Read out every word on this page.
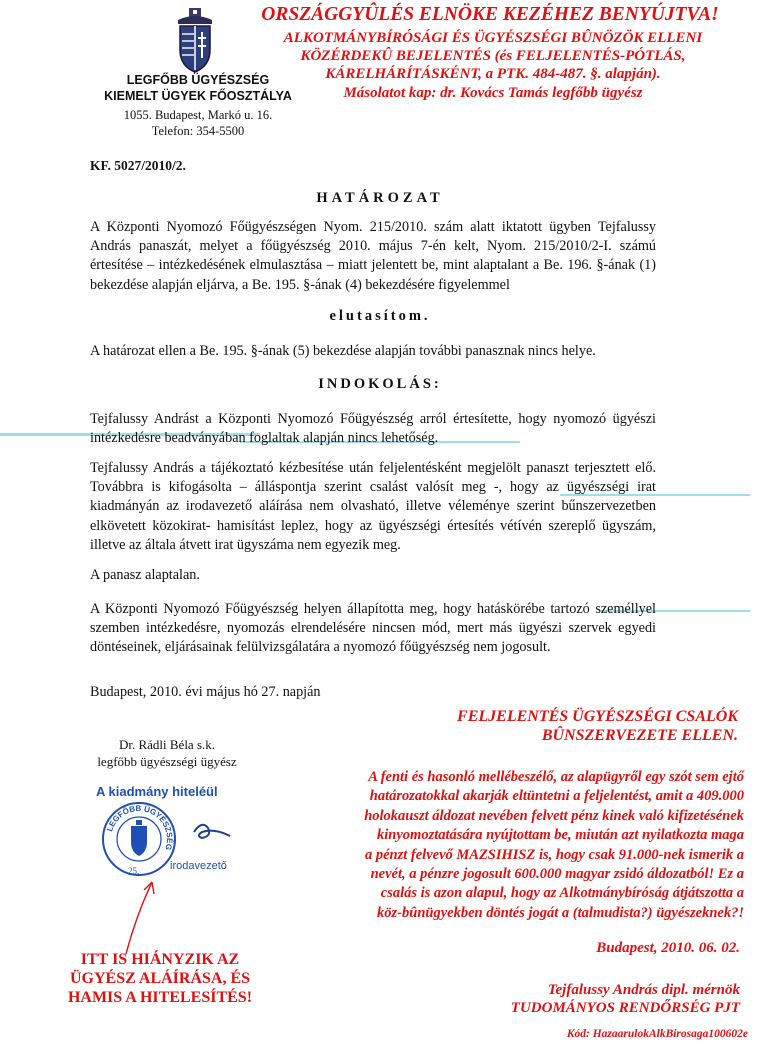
ORSZÁGGYÛLÉS ELNÖKE KEZÉHEZ BENYÚJTVA!
ALKOTMÁNYBÍRÓSÁGI ÉS ÜGYÉSZSÉGI BÛNÖZÖK ELLENI
KÖZÉRDEKÛ BEJELENTÉS (és FELJELENTÉS-PÓTLÁS,
KÁRELHÁRÍTÁSKÉNT, a PTK. 484-487. §. alapján).
Másolatot kap: dr. Kovács Tamás legfőbb ügyész
LEGFŐBB ÜGYÉSZSÉG
KIEMELT ÜGYEK FŐOSZTÁLYA
1055. Budapest, Markó u. 16.
Telefon: 354-5500
KF. 5027/2010/2.
HATÁROZAT
A Központi Nyomozó Főügyészségen Nyom. 215/2010. szám alatt iktatott ügyben Tejfalussy András panaszát, melyet a főügyészség 2010. május 7-én kelt, Nyom. 215/2010/2-I. számú értesítése – intézkedésének elmulasztása – miatt jelentett be, mint alaptalant a Be. 196. §-ának (1) bekezdése alapján eljárva, a Be. 195. §-ának (4) bekezdésére figyelemmel
elutasítom.
A határozat ellen a Be. 195. §-ának (5) bekezdése alapján további panasznak nincs helye.
INDOKOLÁS:
Tejfalussy Andrást a Központi Nyomozó Főügyészség arról értesítette, hogy nyomozó ügyészi intézkedésre beadványában foglaltak alapján nincs lehetőség.
Tejfalussy András a tájékoztató kézbesítése után feljelentésként megjelölt panaszt terjesztett elő. Továbbra is kifogásolta – álláspontja szerint csalást valósít meg -, hogy az ügyészségi irat kiadmányán az irodavezető aláírása nem olvasható, illetve véleménye szerint bűnszervezetben elkövetett közokirat- hamisítást leplez, hogy az ügyészségi értesítés vétívén szereplő ügyszám, illetve az általa átvett irat ügyszáma nem egyezik meg.
A panasz alaptalan.
A Központi Nyomozó Főügyészség helyen állapította meg, hogy hatáskörébe tartozó személlyel szemben intézkedésre, nyomozás elrendelésére nincsen mód, mert más ügyészi szervek egyedi döntéseinek, eljárásainak felülvizsgálatára a nyomozó főügyészség nem jogosult.
Budapest, 2010. évi május hó 27. napján
Dr. Rádli Béla s.k.
legfőbb ügyészségi ügyész
A kiadmány hiteléül
LEGFŐBB ÜGYÉSZSÉG
25.	irodavezető
FELJELENTÉS ÜGYÉSZSÉGI CSALÓK
BÛNSZERVEZETE ELLEN.
A fenti és hasonló mellébeszélő, az alapügyről egy szót sem ejtő
határozatokkal akarják eltüntetni a feljelentést, amit a 409.000
holokauszt áldozat nevében felvett pénz kinek való kifizetésének
kinyomoztatására nyújtottam be, miután azt nyilatkozta maga
a pénzt felvevő MAZSIHISZ is, hogy csak 91.000-nek ismerik a
nevét, a pénzre jogosult 600.000 magyar zsidó áldozatból! Ez a
csalás is azon alapul, hogy az Alkotmánybíróság átjátszotta a
köz-bûnügyekben döntés jogát a (talmudista?) ügyészeknek?!
Budapest, 2010. 06. 02.
Tejfalussy András dipl. mérnök
TUDOMÁNYOS RENDŐRSÉG PJT
ITT IS HIÁNYZIK AZ
ÜGYÉSZ ALÁÍRÁSA, ÉS
HAMIS A HITELESÍTÉS!
Kód: HazaarulokAlkBirosaga100602e
